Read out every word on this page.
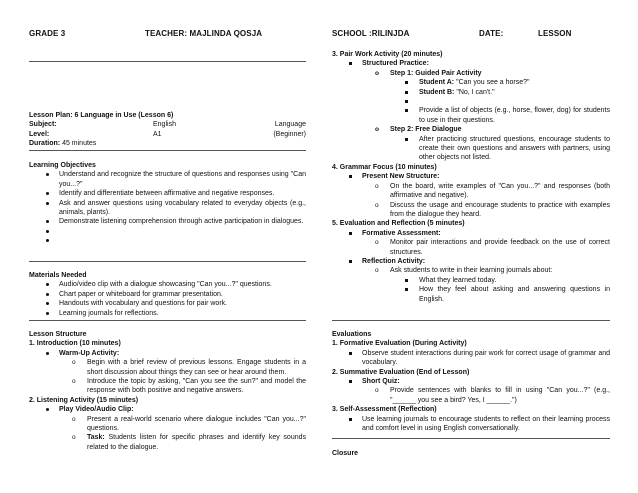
GRADE 3	TEACHER: MAJLINDA QOSJA	SCHOOL :RILINJDA	DATE:	LESSON
Lesson Plan: 6 Language in Use (Lesson 6)
Subject:	English	Language
Level:	A1	(Beginner)
Duration: 45 minutes
Learning Objectives
Understand and recognize the structure of questions and responses using "Can you...?"
Identify and differentiate between affirmative and negative responses.
Ask and answer questions using vocabulary related to everyday objects (e.g., animals, plants).
Demonstrate listening comprehension through active participation in dialogues.

Materials Needed
Audio/video clip with a dialogue showcasing "Can you...?" questions.
Chart paper or whiteboard for grammar presentation.
Handouts with vocabulary and questions for pair work.
Learning journals for reflections.
Lesson Structure
1. Introduction (10 minutes)
Warm-Up Activity:
o Begin with a brief review of previous lessons. Engage students in a short discussion about things they can see or hear around them.
o Introduce the topic by asking, "Can you see the sun?" and model the response with both positive and negative answers.
2. Listening Activity (15 minutes)
Play Video/Audio Clip:
o Present a real-world scenario where dialogue includes "Can you...?" questions.
o Task: Students listen for specific phrases and identify key sounds related to the dialogue.
3. Pair Work Activity (20 minutes)
Structured Practice:
o Step 1: Guided Pair Activity
Student A: "Can you see a horse?"
Student B: "No, I can't."

Provide a list of objects (e.g., horse, flower, dog) for students to use in their questions.
o Step 2: Free Dialogue
After practicing structured questions, encourage students to create their own questions and answers with partners, using other objects not listed.
4. Grammar Focus (10 minutes)
Present New Structure:
o On the board, write examples of "Can you...?" and responses (both affirmative and negative).
o Discuss the usage and encourage students to practice with examples from the dialogue they heard.
5. Evaluation and Reflection (5 minutes)
Formative Assessment:
o Monitor pair interactions and provide feedback on the use of correct structures.
Reflection Activity:
o Ask students to write in their learning journals about:
What they learned today.
How they feel about asking and answering questions in English.
Evaluations
1. Formative Evaluation (During Activity)
Observe student interactions during pair work for correct usage of grammar and vocabulary.
2. Summative Evaluation (End of Lesson)
Short Quiz:
o Provide sentences with blanks to fill in using "Can you...?" (e.g., "______ you see a bird? Yes, I ______.")
3. Self-Assessment (Reflection)
Use learning journals to encourage students to reflect on their learning process and comfort level in using English conversationally.
Closure
